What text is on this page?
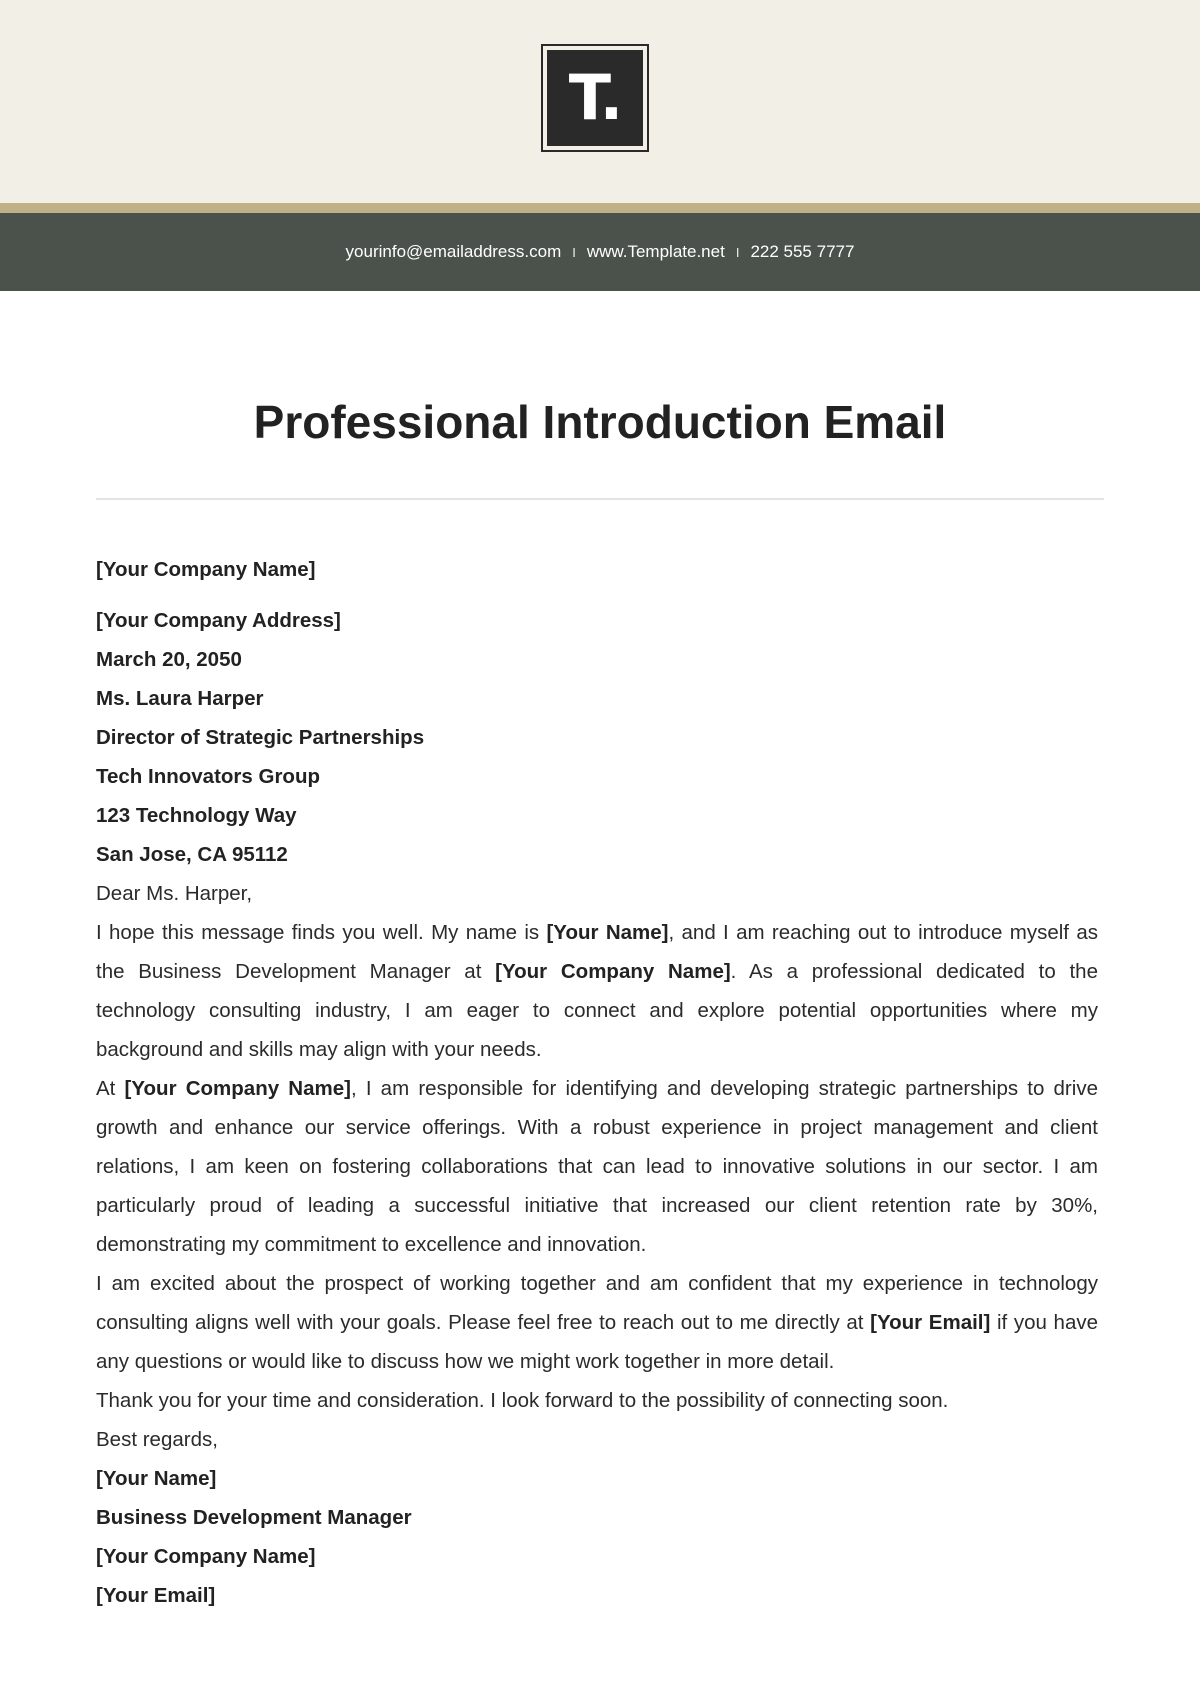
T.
yourinfo@emailaddress.com I www.Template.net I 222 555 7777
Professional Introduction Email

[Your Company Name]

[Your Company Address]

March 20, 2050

Ms. Laura Harper

Director of Strategic Partnerships

Tech Innovators Group

123 Technology Way

San Jose, CA 95112

Dear Ms. Harper,

I hope this message finds you well. My name is [Your Name], and I am reaching out to introduce myself as the Business Development Manager at [Your Company Name]. As a professional dedicated to the technology consulting industry, I am eager to connect and explore potential opportunities where my background and skills may align with your needs.

At [Your Company Name], I am responsible for identifying and developing strategic partnerships to drive growth and enhance our service offerings. With a robust experience in project management and client relations, I am keen on fostering collaborations that can lead to innovative solutions in our sector. I am particularly proud of leading a successful initiative that increased our client retention rate by 30%, demonstrating my commitment to excellence and innovation.

I am excited about the prospect of working together and am confident that my experience in technology consulting aligns well with your goals. Please feel free to reach out to me directly at [Your Email] if you have any questions or would like to discuss how we might work together in more detail.

Thank you for your time and consideration. I look forward to the possibility of connecting soon.

Best regards,

[Your Name]

Business Development Manager

[Your Company Name]

[Your Email]
